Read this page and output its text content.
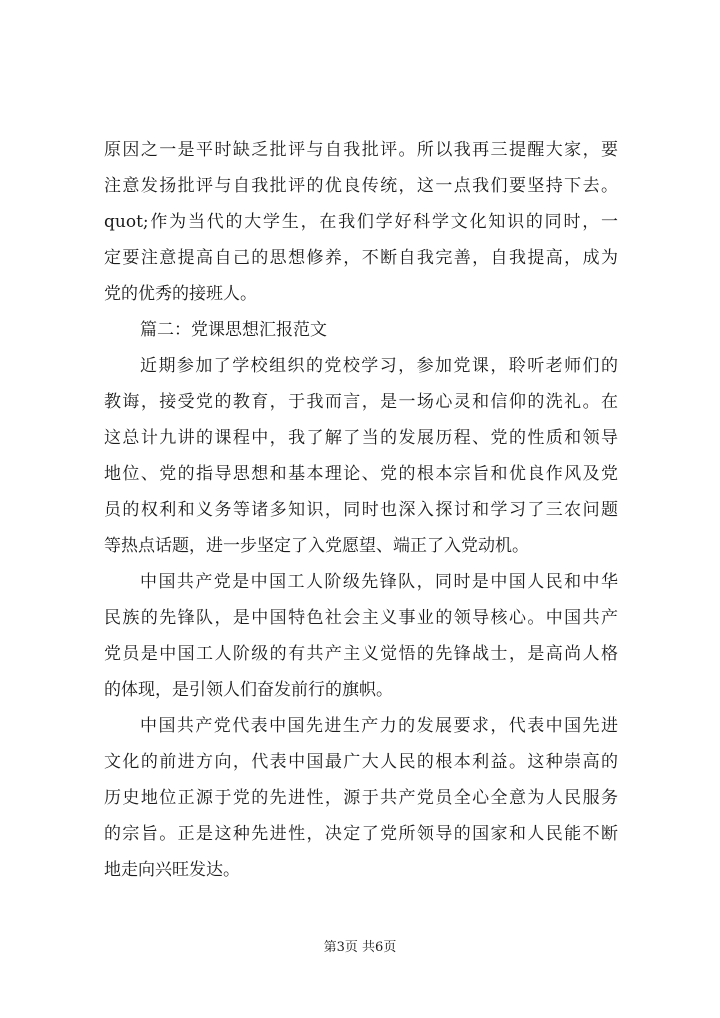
原因之一是平时缺乏批评与自我批评。所以我再三提醒大家，要
注意发扬批评与自我批评的优良传统，这一点我们要坚持下去。
quot;作为当代的大学生，在我们学好科学文化知识的同时，一
定要注意提高自己的思想修养，不断自我完善，自我提高，成为
党的优秀的接班人。
篇二：党课思想汇报范文
近期参加了学校组织的党校学习，参加党课，聆听老师们的
教诲，接受党的教育，于我而言，是一场心灵和信仰的洗礼。在
这总计九讲的课程中，我了解了当的发展历程、党的性质和领导
地位、党的指导思想和基本理论、党的根本宗旨和优良作风及党
员的权利和义务等诸多知识，同时也深入探讨和学习了三农问题
等热点话题，进一步坚定了入党愿望、端正了入党动机。
中国共产党是中国工人阶级先锋队，同时是中国人民和中华
民族的先锋队，是中国特色社会主义事业的领导核心。中国共产
党员是中国工人阶级的有共产主义觉悟的先锋战士，是高尚人格
的体现，是引领人们奋发前行的旗帜。
中国共产党代表中国先进生产力的发展要求，代表中国先进
文化的前进方向，代表中国最广大人民的根本利益。这种崇高的
历史地位正源于党的先进性，源于共产党员全心全意为人民服务
的宗旨。正是这种先进性，决定了党所领导的国家和人民能不断
地走向兴旺发达。
第3页 共6页
